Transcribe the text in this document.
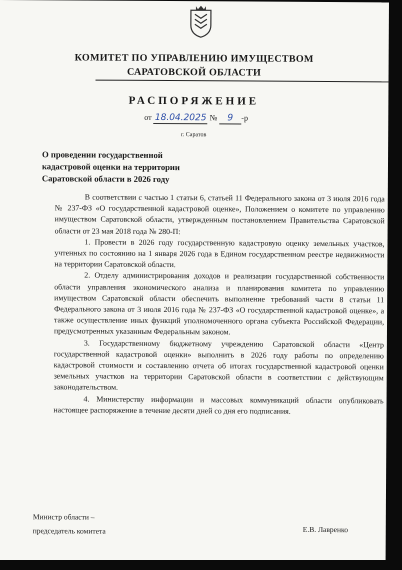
КОМИТЕТ ПО УПРАВЛЕНИЮ ИМУЩЕСТВОМ
САРАТОВСКОЙ ОБЛАСТИ
РАСПОРЯЖЕНИЕ
от 18.04.2025 № 9 -р
г. Саратов
О проведении государственной
кадастровой оценки на территории
Саратовской области в 2026 году

В соответствии с частью 1 статьи 6, статьей 11 Федерального закона от 3 июля 2016 года № 237-ФЗ «О государственной кадастровой оценке», Положением о комитете по управлению имуществом Саратовской области, утвержденным постановлением Правительства Саратовской области от 23 мая 2018 года № 280-П:

1. Провести в 2026 году государственную кадастровую оценку земельных участков, учтенных по состоянию на 1 января 2026 года в Едином государственном реестре недвижимости на территории Саратовской области.

2. Отделу администрирования доходов и реализации государственной собственности области управления экономического анализа и планирования комитета по управлению имуществом Саратовской области обеспечить выполнение требований части 8 статьи 11 Федерального закона от 3 июля 2016 года № 237-ФЗ «О государственной кадастровой оценке», а также осуществление иных функций уполномоченного органа субъекта Российской Федерации, предусмотренных указанным Федеральным законом.

3. Государственному бюджетному учреждению Саратовской области «Центр государственной кадастровой оценки» выполнить в 2026 году работы по определению кадастровой стоимости и составлению отчета об итогах государственной кадастровой оценки земельных участков на территории Саратовской области в соответствии с действующим законодательством.

4. Министерству информации и массовых коммуникаций области опубликовать настоящее распоряжение в течение десяти дней со дня его подписания.

Министр области –
председатель комитета	Е.В. Лавренко
